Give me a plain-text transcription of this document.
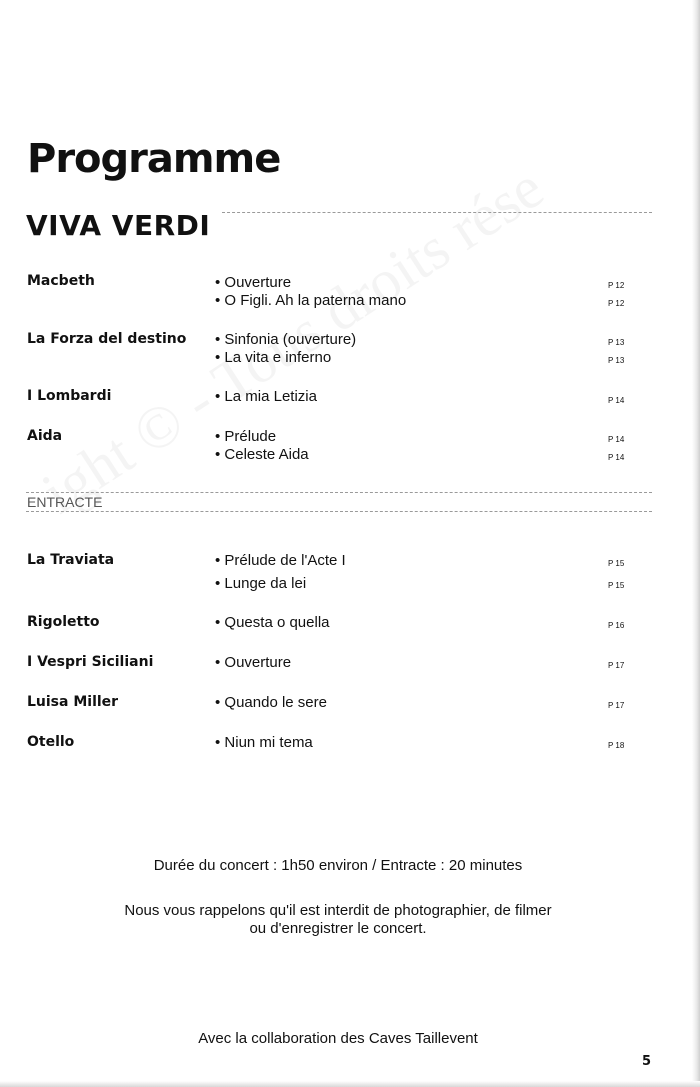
Programme
VIVA VERDI
Macbeth	• Ouverture	P 12
• O Figli. Ah la paterna mano	P 12
La Forza del destino • Sinfonia (ouverture)	P 13
• La vita e inferno	P 13
I Lombardi	• La mia Letizia	P 14
Aida	• Prélude	P 14
• Celeste Aida	P 14
ENTRACTE
La Traviata	• Prélude de l'Acte I	P 15
• Lunge da lei	P 15
Rigoletto	• Questa o quella	P 16
I Vespri Siciliani	• Ouverture	P 17
Luisa Miller	• Quando le sere	P 17
Otello	• Niun mi tema	P 18
Durée du concert : 1h50 environ / Entracte : 20 minutes
Nous vous rappelons qu'il est interdit de photographier, de filmer
ou d'enregistrer le concert.
Avec la collaboration des Caves Taillevent
5
